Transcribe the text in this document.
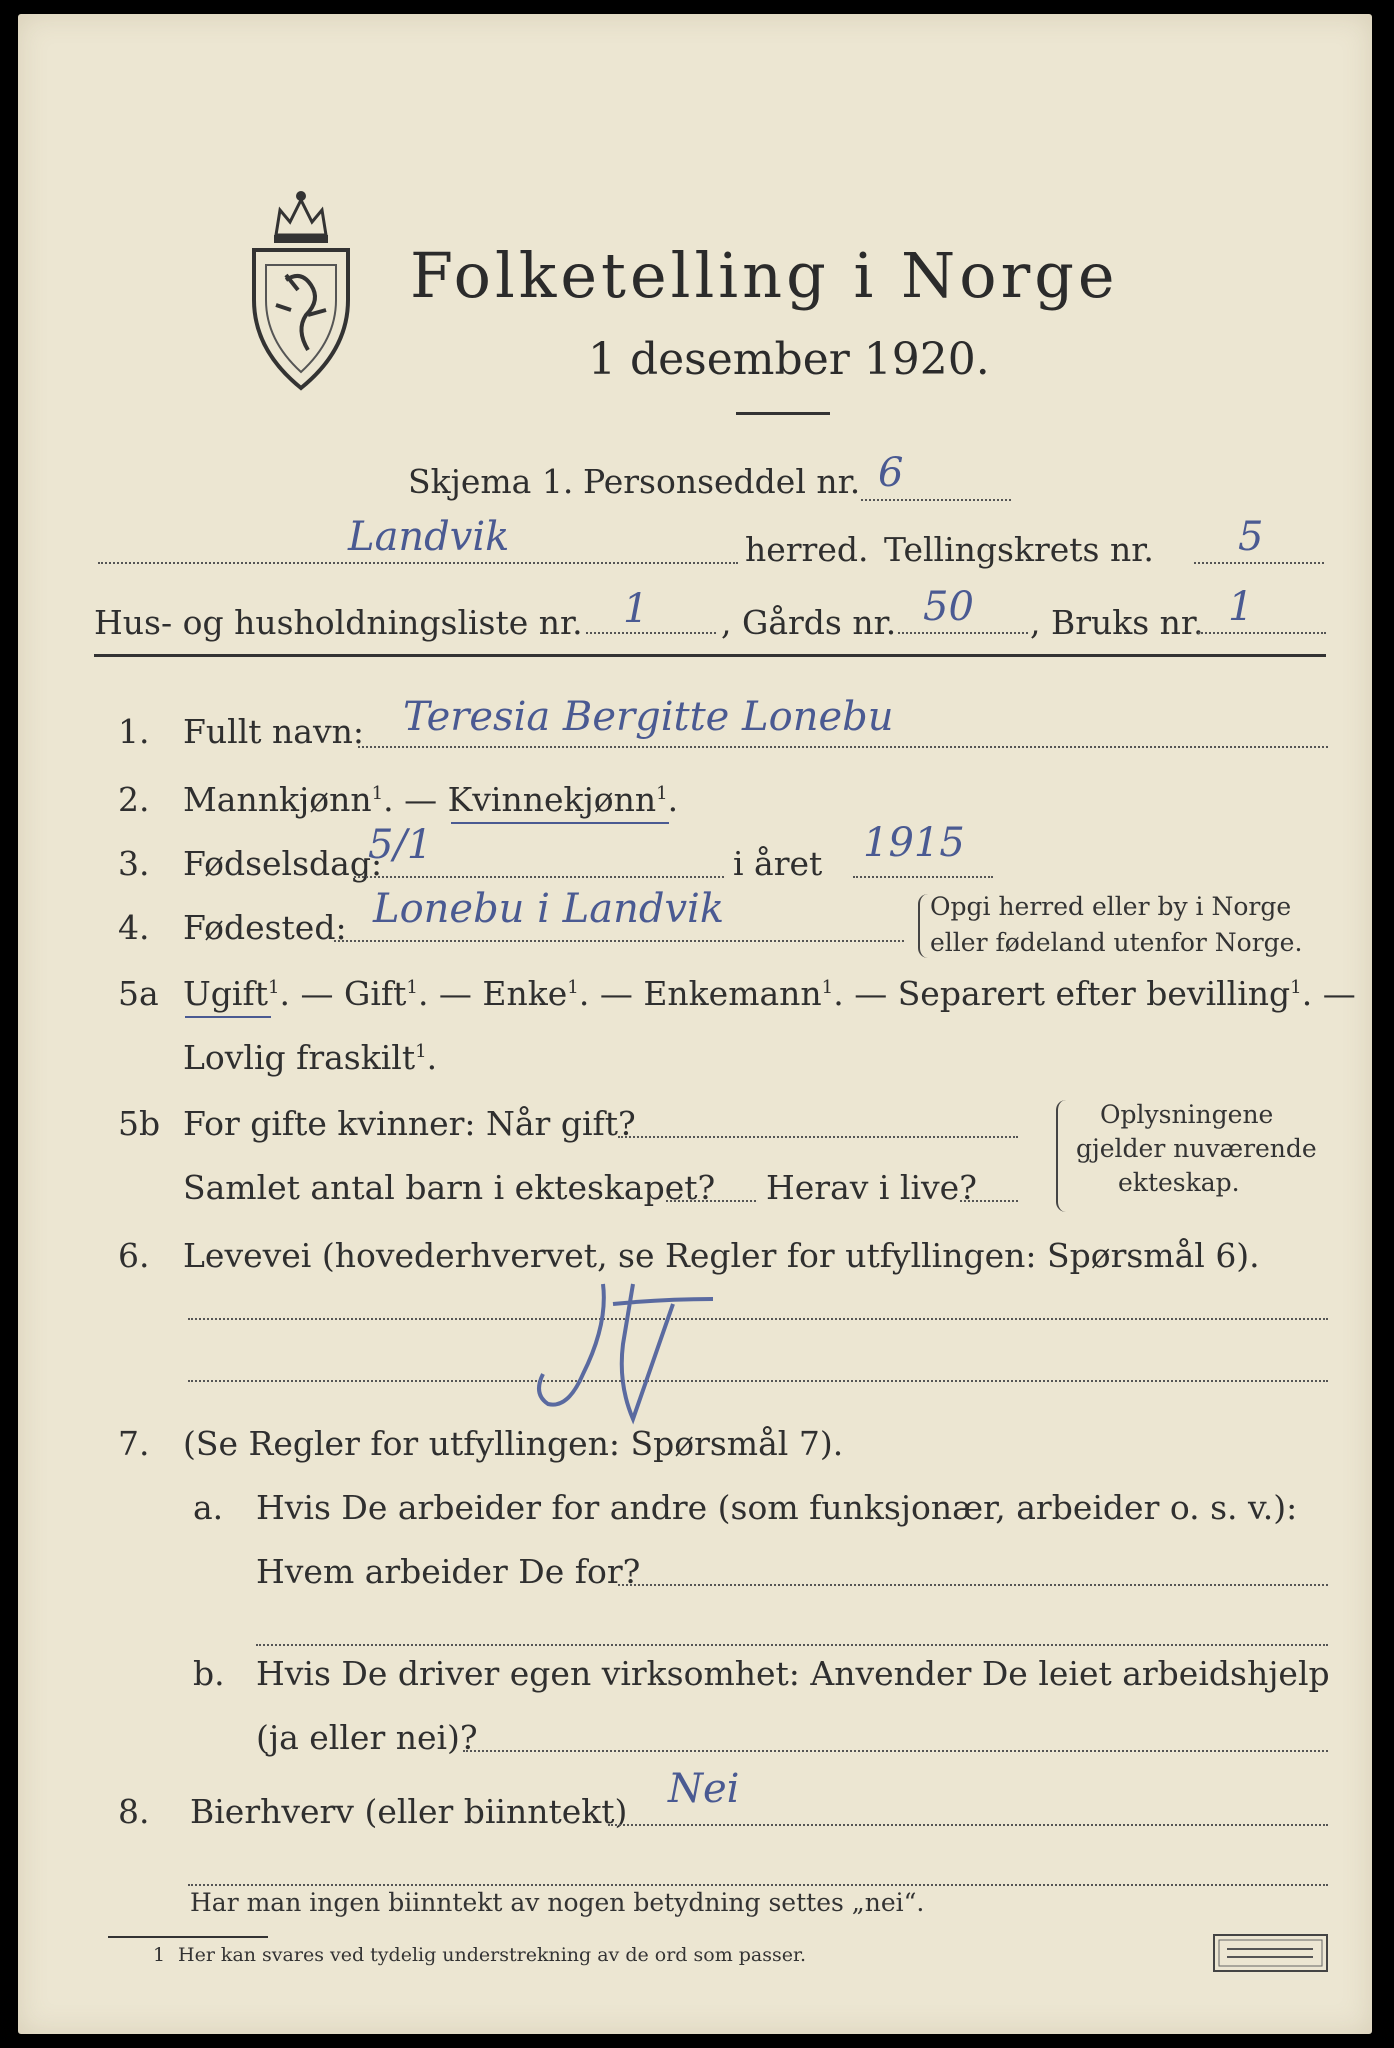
Folketelling i Norge
1 desember 1920.
Skjema 1. Personseddel nr. 6
Landvik	herred. Tellingskrets nr. 5
Hus- og husholdningsliste nr. 1 , Gårds nr. 50 , Bruks nr. 1
1. Fullt navn: Teresia Bergitte Lonebu
2. Mannkjønn$^1$. — Kvinnekjønn$^1$.
3. Fødselsdag:
5/1	i året 1915
4. Fødested: Lonebu i Landvik	Opgi herred eller by i Norge
eller fødeland utenfor Norge.
5a Ugift$^1$. — Gift$^1$. — Enke$^1$. — Enkemann$^1$. — Separert efter bevilling$^1$. —
Lovlig fraskilt$^1$.
5b For gifte kvinner: Når gift?
Samlet antal barn i ekteskapet? Herav i live?
Oplysningene
gjelder nuværende
ekteskap.
6. Levevei (hovederhvervet, se Regler for utfyllingen: Spørsmål 6).
7. (Se Regler for utfyllingen: Spørsmål 7).
a. Hvis De arbeider for andre (som funksjonær, arbeider o. s. v.):
Hvem arbeider De for?
b. Hvis De driver egen virksomhet: Anvender De leiet arbeidshjelp
(ja eller nei)?
8. Bierhverv (eller biinntekt) Nei
Har man ingen biinntekt av nogen betydning settes „nei“.
1 Her kan svares ved tydelig understrekning av de ord som passer.
